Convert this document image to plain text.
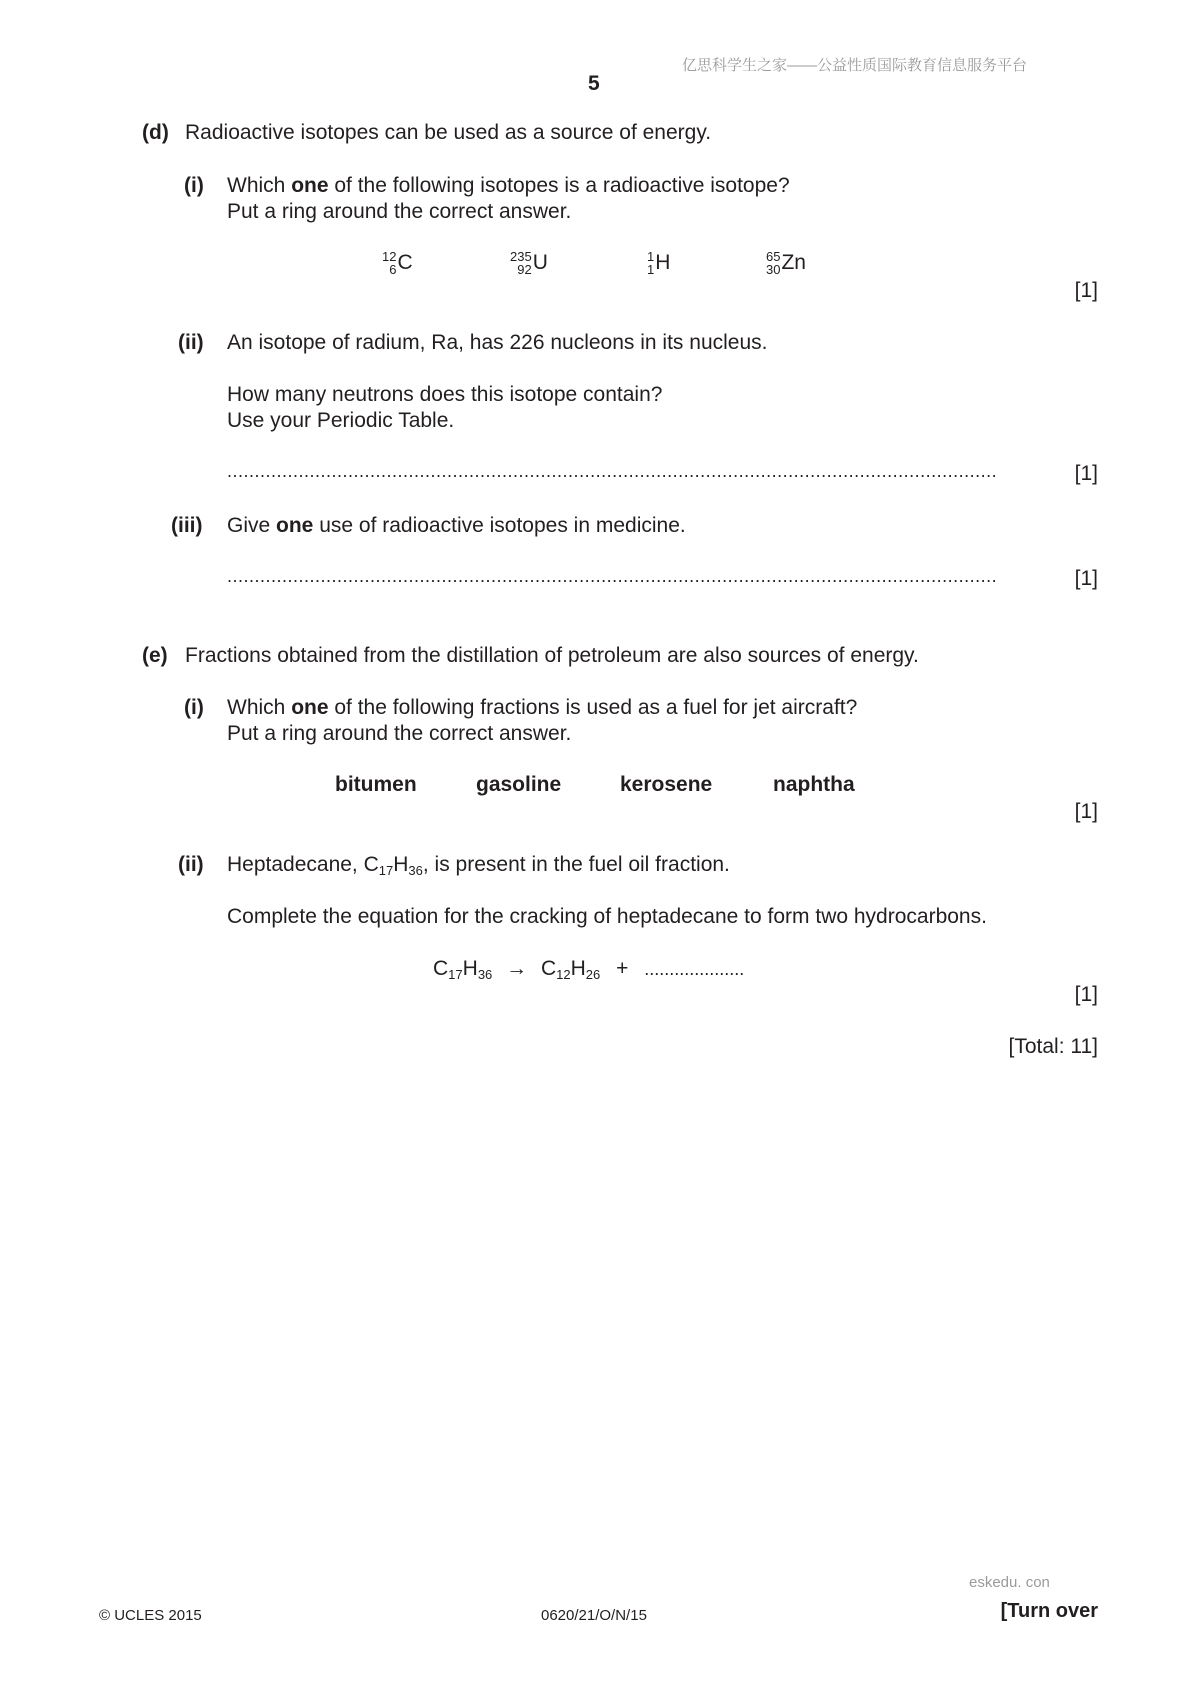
亿思科学生之家——公益性质国际教育信息服务平台
5
(d) Radioactive isotopes can be used as a source of energy.
(i) Which one of the following isotopes is a radioactive isotope?
Put a ring around the correct answer.
12
6 C	235
92 U	1
1 H	65
30 Zn
[1]
(ii) An isotope of radium, Ra, has 226 nucleons in its nucleus.
How many neutrons does this isotope contain?
Use your Periodic Table.
............................................................................................................................................	[1]
(iii) Give one use of radioactive isotopes in medicine.
............................................................................................................................................	[1]
(e) Fractions obtained from the distillation of petroleum are also sources of energy.
(i) Which one of the following fractions is used as a fuel for jet aircraft?
Put a ring around the correct answer.
bitumen	gasoline	kerosene	naphtha
[1]
(ii) Heptadecane, $C_{17}H_{36}$, is present in the fuel oil fraction.
Complete the equation for the cracking of heptadecane to form two hydrocarbons.
$C_{17}H_{36} \to C_{12}H_{26}$ + ....................
[1]
[Total: 11]
eskedu. con
© UCLES 2015	0620/21/O/N/15	[Turn over
